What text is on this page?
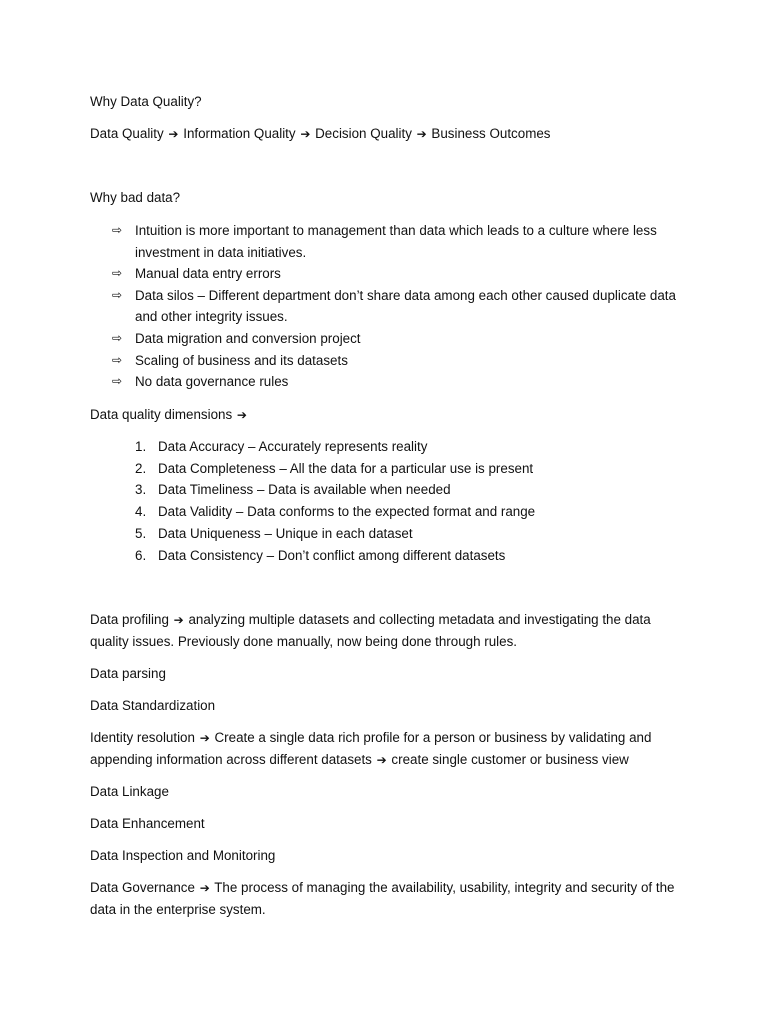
Why Data Quality?

Data Quality ➔ Information Quality ➔ Decision Quality ➔ Business Outcomes

Why bad data?

⇨ Intuition is more important to management than data which leads to a culture where less investment in data initiatives.
⇨ Manual data entry errors
⇨ Data silos – Different department don’t share data among each other caused duplicate data and other integrity issues.
⇨ Data migration and conversion project
⇨ Scaling of business and its datasets
⇨ No data governance rules

Data quality dimensions ➔

1. Data Accuracy – Accurately represents reality
2. Data Completeness – All the data for a particular use is present
3. Data Timeliness – Data is available when needed
4. Data Validity – Data conforms to the expected format and range
5. Data Uniqueness – Unique in each dataset
6. Data Consistency – Don’t conflict among different datasets

Data profiling ➔ analyzing multiple datasets and collecting metadata and investigating the data quality issues. Previously done manually, now being done through rules.

Data parsing

Data Standardization

Identity resolution ➔ Create a single data rich profile for a person or business by validating and appending information across different datasets ➔ create single customer or business view

Data Linkage

Data Enhancement

Data Inspection and Monitoring

Data Governance ➔ The process of managing the availability, usability, integrity and security of the data in the enterprise system.
